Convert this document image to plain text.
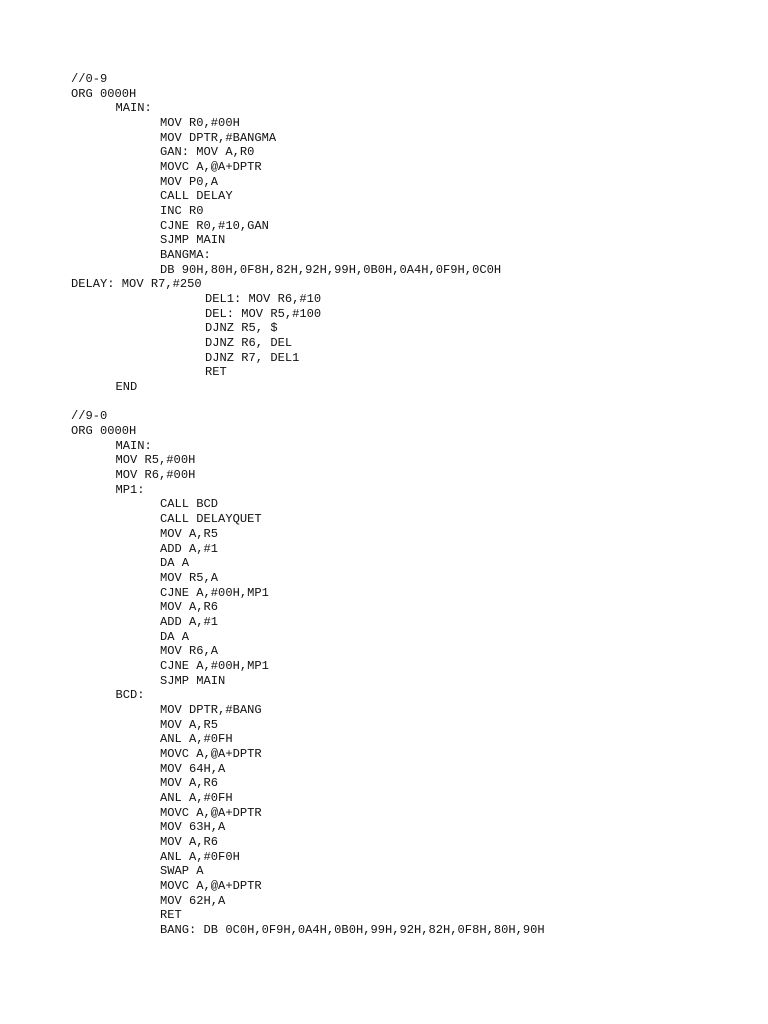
//0-9
ORG 0000H
MAIN:
MOV R0,#00H
MOV DPTR,#BANGMA
GAN: MOV A,R0
MOVC A,@A+DPTR
MOV P0,A
CALL DELAY
INC R0
CJNE R0,#10,GAN
SJMP MAIN
BANGMA:
DB 90H,80H,0F8H,82H,92H,99H,0B0H,0A4H,0F9H,0C0H
DELAY: MOV R7,#250
DEL1: MOV R6,#10
DEL: MOV R5,#100
DJNZ R5, $
DJNZ R6, DEL
DJNZ R7, DEL1
RET
END
//9-0
ORG 0000H
MAIN:
MOV R5,#00H
MOV R6,#00H
MP1:
CALL BCD
CALL DELAYQUET
MOV A,R5
ADD A,#1
DA A
MOV R5,A
CJNE A,#00H,MP1
MOV A,R6
ADD A,#1
DA A
MOV R6,A
CJNE A,#00H,MP1
SJMP MAIN
BCD:
MOV DPTR,#BANG
MOV A,R5
ANL A,#0FH
MOVC A,@A+DPTR
MOV 64H,A
MOV A,R6
ANL A,#0FH
MOVC A,@A+DPTR
MOV 63H,A
MOV A,R6
ANL A,#0F0H
SWAP A
MOVC A,@A+DPTR
MOV 62H,A
RET
BANG: DB 0C0H,0F9H,0A4H,0B0H,99H,92H,82H,0F8H,80H,90H
